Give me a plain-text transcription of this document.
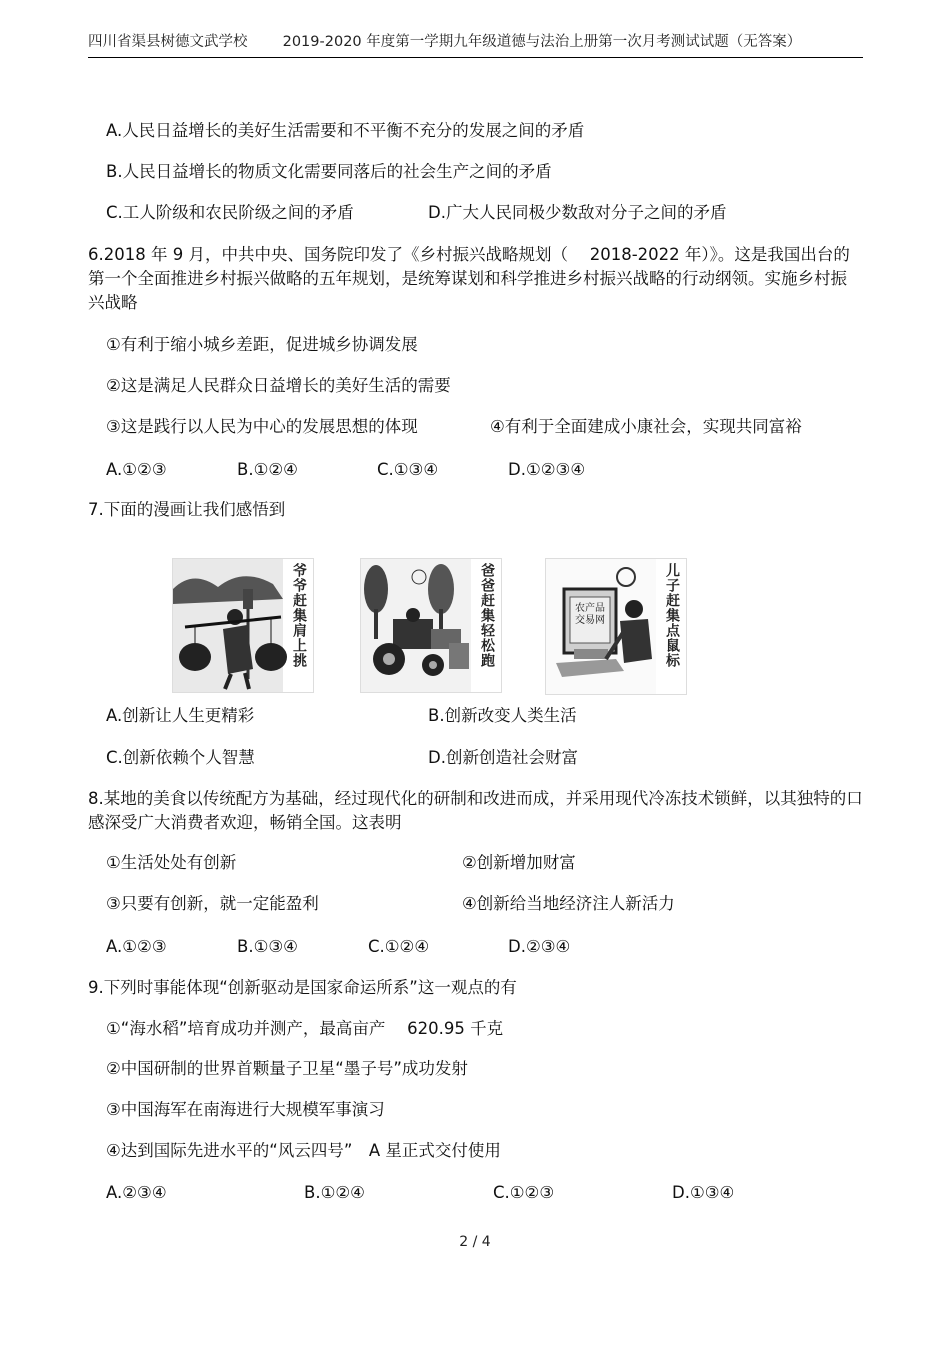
四川省渠县树德文武学校 2019-2020 年度第一学期九年级道德与法治上册第一次月考测试试题（无答案）
A.人民日益增长的美好生活需要和不平衡不充分的发展之间的矛盾
B.人民日益增长的物质文化需要同落后的社会生产之间的矛盾
C.工人阶级和农民阶级之间的矛盾	D.广大人民同极少数敌对分子之间的矛盾
6.2018 年 9 月，中共中央、国务院印发了《乡村振兴战略规划（　 2018-2022 年）》。这是我国出台的第一个全面推进乡村振兴做略的五年规划，是统筹谋划和科学推进乡村振兴战略的行动纲领。实施乡村振兴战略
①有利于缩小城乡差距，促进城乡协调发展
②这是满足人民群众日益增长的美好生活的需要
③这是践行以人民为中心的发展思想的体现	④有利于全面建成小康社会，实现共同富裕
A.①②③	B.①②④	C.①③④	D.①②③④
7.下面的漫画让我们感悟到
爷爷赶集肩上挑	爸爸赶集轻松跑	农产品交易网	儿子赶集点鼠标
A.创新让人生更精彩	B.创新改变人类生活
C.创新依赖个人智慧	D.创新创造社会财富
8.某地的美食以传统配方为基础，经过现代化的研制和改进而成，并采用现代冷冻技术锁鲜，以其独特的口感深受广大消费者欢迎，畅销全国。这表明
①生活处处有创新	②创新增加财富
③只要有创新，就一定能盈利	④创新给当地经济注人新活力
A.①②③	B.①③④	C.①②④	D.②③④
9.下列时事能体现“创新驱动是国家命运所系”这一观点的有
①“海水稻”培育成功并测产，最高亩产　 620.95 千克
②中国研制的世界首颗量子卫星“墨子号”成功发射
③中国海军在南海进行大规模军事演习
④达到国际先进水平的“风云四号”　A 星正式交付使用
A.②③④	B.①②④	C.①②③	D.①③④
2 / 4
